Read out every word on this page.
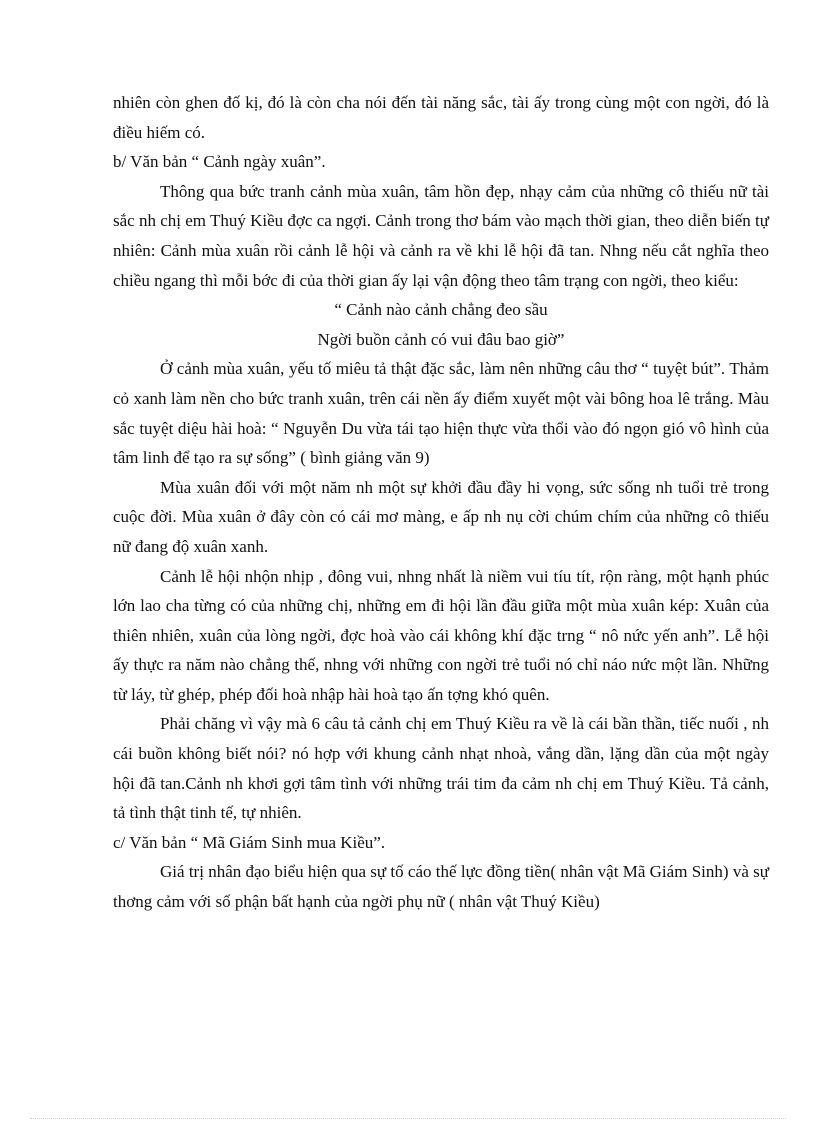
nhiên còn ghen đố kị, đó là còn cha nói đến tài năng sắc, tài ấy trong cùng một con ngời, đó là điều hiếm có.

b/ Văn bản “ Cảnh ngày xuân”.

Thông qua bức tranh cảnh mùa xuân, tâm hồn đẹp, nhạy cảm của những cô thiếu nữ tài sắc nh chị em Thuý Kiều đợc ca ngợi. Cảnh trong thơ bám vào mạch thời gian, theo diễn biến tự nhiên: Cảnh mùa xuân rồi cảnh lễ hội và cảnh ra về khi lễ hội đã tan. Nhng nếu cắt nghĩa theo chiều ngang thì mỗi bớc đi của thời gian ấy lại vận động theo tâm trạng con ngời, theo kiểu:

“ Cảnh nào cảnh chẳng đeo sầu

Ngời buồn cảnh có vui đâu bao giờ”

Ở cảnh mùa xuân, yếu tố miêu tả thật đặc sắc, làm nên những câu thơ “ tuyệt bút”. Thảm cỏ xanh làm nền cho bức tranh xuân, trên cái nền ấy điểm xuyết một vài bông hoa lê trắng. Màu sắc tuyệt diệu hài hoà: “ Nguyễn Du vừa tái tạo hiện thực vừa thổi vào đó ngọn gió vô hình của tâm linh để tạo ra sự sống” ( bình giảng văn 9)

Mùa xuân đối với một năm nh một sự khởi đầu đầy hi vọng, sức sống nh tuổi trẻ trong cuộc đời. Mùa xuân ở đây còn có cái mơ màng, e ấp nh nụ cời chúm chím của những cô thiếu nữ đang độ xuân xanh.

Cảnh lễ hội nhộn nhịp , đông vui, nhng nhất là niềm vui tíu tít, rộn ràng, một hạnh phúc lớn lao cha từng có của những chị, những em đi hội lần đầu giữa một mùa xuân kép: Xuân của thiên nhiên, xuân của lòng ngời, đợc hoà vào cái không khí đặc trng “ nô nức yến anh”. Lễ hội ấy thực ra năm nào chẳng thế, nhng với những con ngời trẻ tuổi nó chỉ náo nức một lần. Những từ láy, từ ghép, phép đối hoà nhập hài hoà tạo ấn tợng khó quên.

Phải chăng vì vậy mà 6 câu tả cảnh chị em Thuý Kiều ra về là cái bần thần, tiếc nuối , nh cái buồn không biết nói? nó hợp với khung cảnh nhạt nhoà, vắng dần, lặng dần của một ngày hội đã tan.Cảnh nh khơi gợi tâm tình với những trái tim đa cảm nh chị em Thuý Kiều. Tả cảnh, tả tình thật tinh tế, tự nhiên.

c/ Văn bản “ Mã Giám Sinh mua Kiều”.

Giá trị nhân đạo biểu hiện qua sự tố cáo thế lực đồng tiền( nhân vật Mã Giám Sinh) và sự thơng cảm với số phận bất hạnh của ngời phụ nữ ( nhân vật Thuý Kiều)
